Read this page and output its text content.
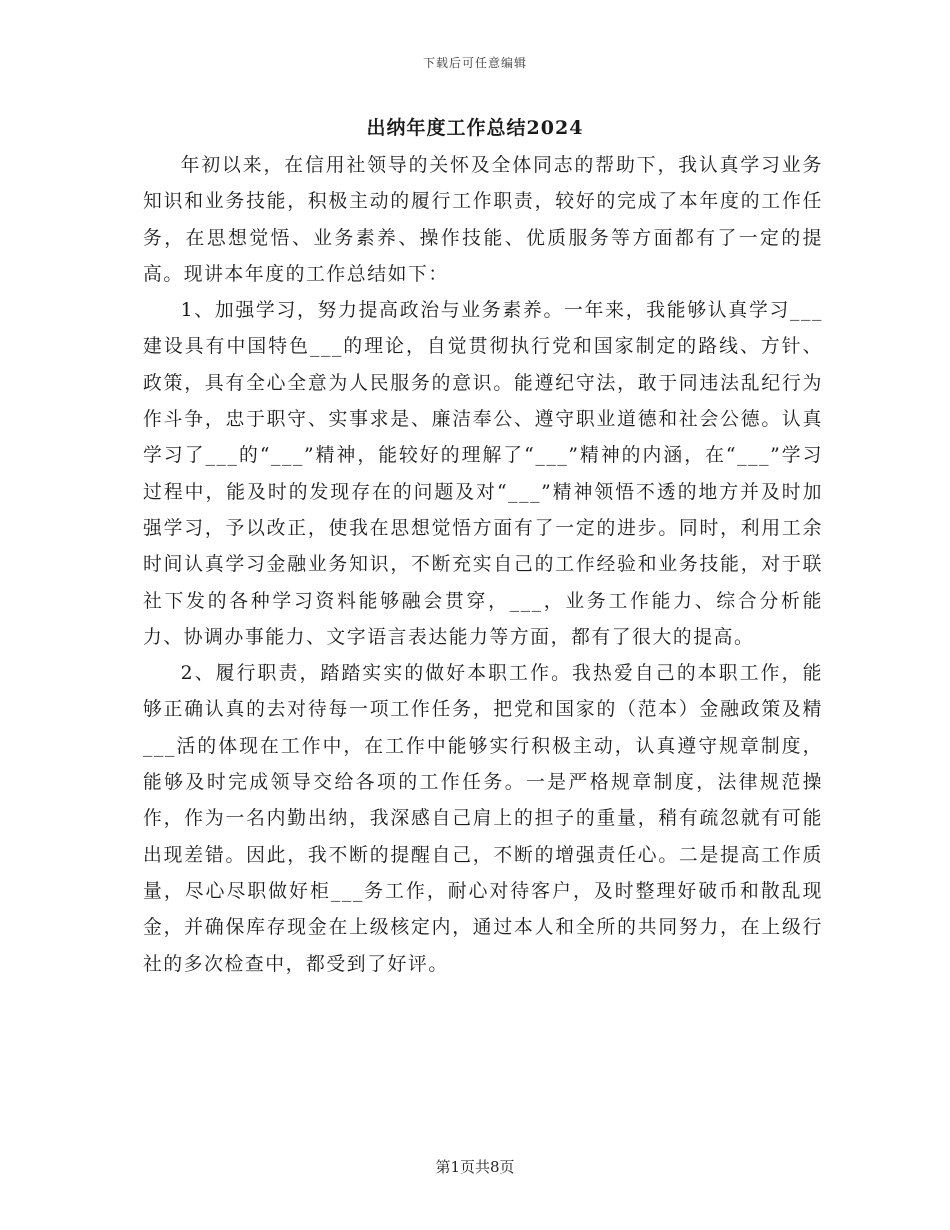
下载后可任意编辑
出纳年度工作总结2024

年初以来，在信用社领导的关怀及全体同志的帮助下，我认真学习业务知识和业务技能，积极主动的履行工作职责，较好的完成了本年度的工作任务，在思想觉悟、业务素养、操作技能、优质服务等方面都有了一定的提高。现讲本年度的工作总结如下：

1、加强学习，努力提高政治与业务素养。一年来，我能够认真学习___建设具有中国特色___的理论，自觉贯彻执行党和国家制定的路线、方针、政策，具有全心全意为人民服务的意识。能遵纪守法，敢于同违法乱纪行为作斗争，忠于职守、实事求是、廉洁奉公、遵守职业道德和社会公德。认真学习了___的“___”精神，能较好的理解了“___”精神的内涵，在“___”学习过程中，能及时的发现存在的问题及对“___”精神领悟不透的地方并及时加强学习，予以改正，使我在思想觉悟方面有了一定的进步。同时，利用工余时间认真学习金融业务知识，不断充实自己的工作经验和业务技能，对于联社下发的各种学习资料能够融会贯穿，___，业务工作能力、综合分析能力、协调办事能力、文字语言表达能力等方面，都有了很大的提高。

2、履行职责，踏踏实实的做好本职工作。我热爱自己的本职工作，能够正确认真的去对待每一项工作任务，把党和国家的（范本）金融政策及精___活的体现在工作中，在工作中能够实行积极主动，认真遵守规章制度，能够及时完成领导交给各项的工作任务。一是严格规章制度，法律规范操作，作为一名内勤出纳，我深感自己肩上的担子的重量，稍有疏忽就有可能出现差错。因此，我不断的提醒自己，不断的增强责任心。二是提高工作质量，尽心尽职做好柜___务工作，耐心对待客户，及时整理好破币和散乱现金，并确保库存现金在上级核定内，通过本人和全所的共同努力，在上级行社的多次检查中，都受到了好评。

第1页共8页
